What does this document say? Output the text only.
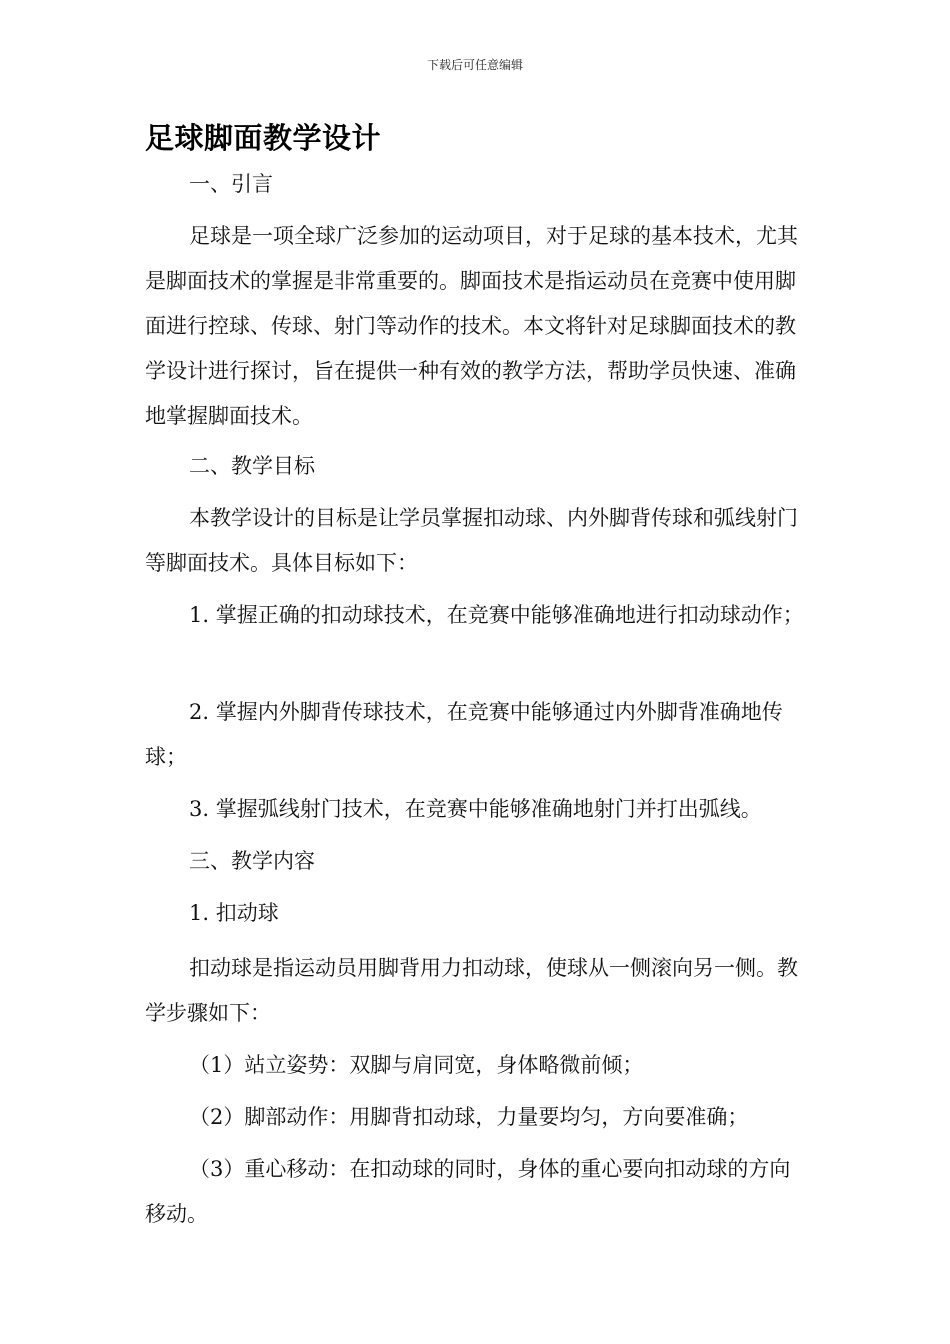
下载后可任意编辑
足球脚面教学设计
一、引言
足球是一项全球广泛参加的运动项目，对于足球的基本技术，尤其是脚面技术的掌握是非常重要的。脚面技术是指运动员在竞赛中使用脚面进行控球、传球、射门等动作的技术。本文将针对足球脚面技术的教学设计进行探讨，旨在提供一种有效的教学方法，帮助学员快速、准确地掌握脚面技术。
二、教学目标
本教学设计的目标是让学员掌握扣动球、内外脚背传球和弧线射门等脚面技术。具体目标如下：
1. 掌握正确的扣动球技术，在竞赛中能够准确地进行扣动球动作；
2. 掌握内外脚背传球技术，在竞赛中能够通过内外脚背准确地传球；
3. 掌握弧线射门技术，在竞赛中能够准确地射门并打出弧线。
三、教学内容
1. 扣动球
扣动球是指运动员用脚背用力扣动球，使球从一侧滚向另一侧。教学步骤如下：
（1）站立姿势：双脚与肩同宽，身体略微前倾；
（2）脚部动作：用脚背扣动球，力量要均匀，方向要准确；
（3）重心移动：在扣动球的同时，身体的重心要向扣动球的方向移动。
